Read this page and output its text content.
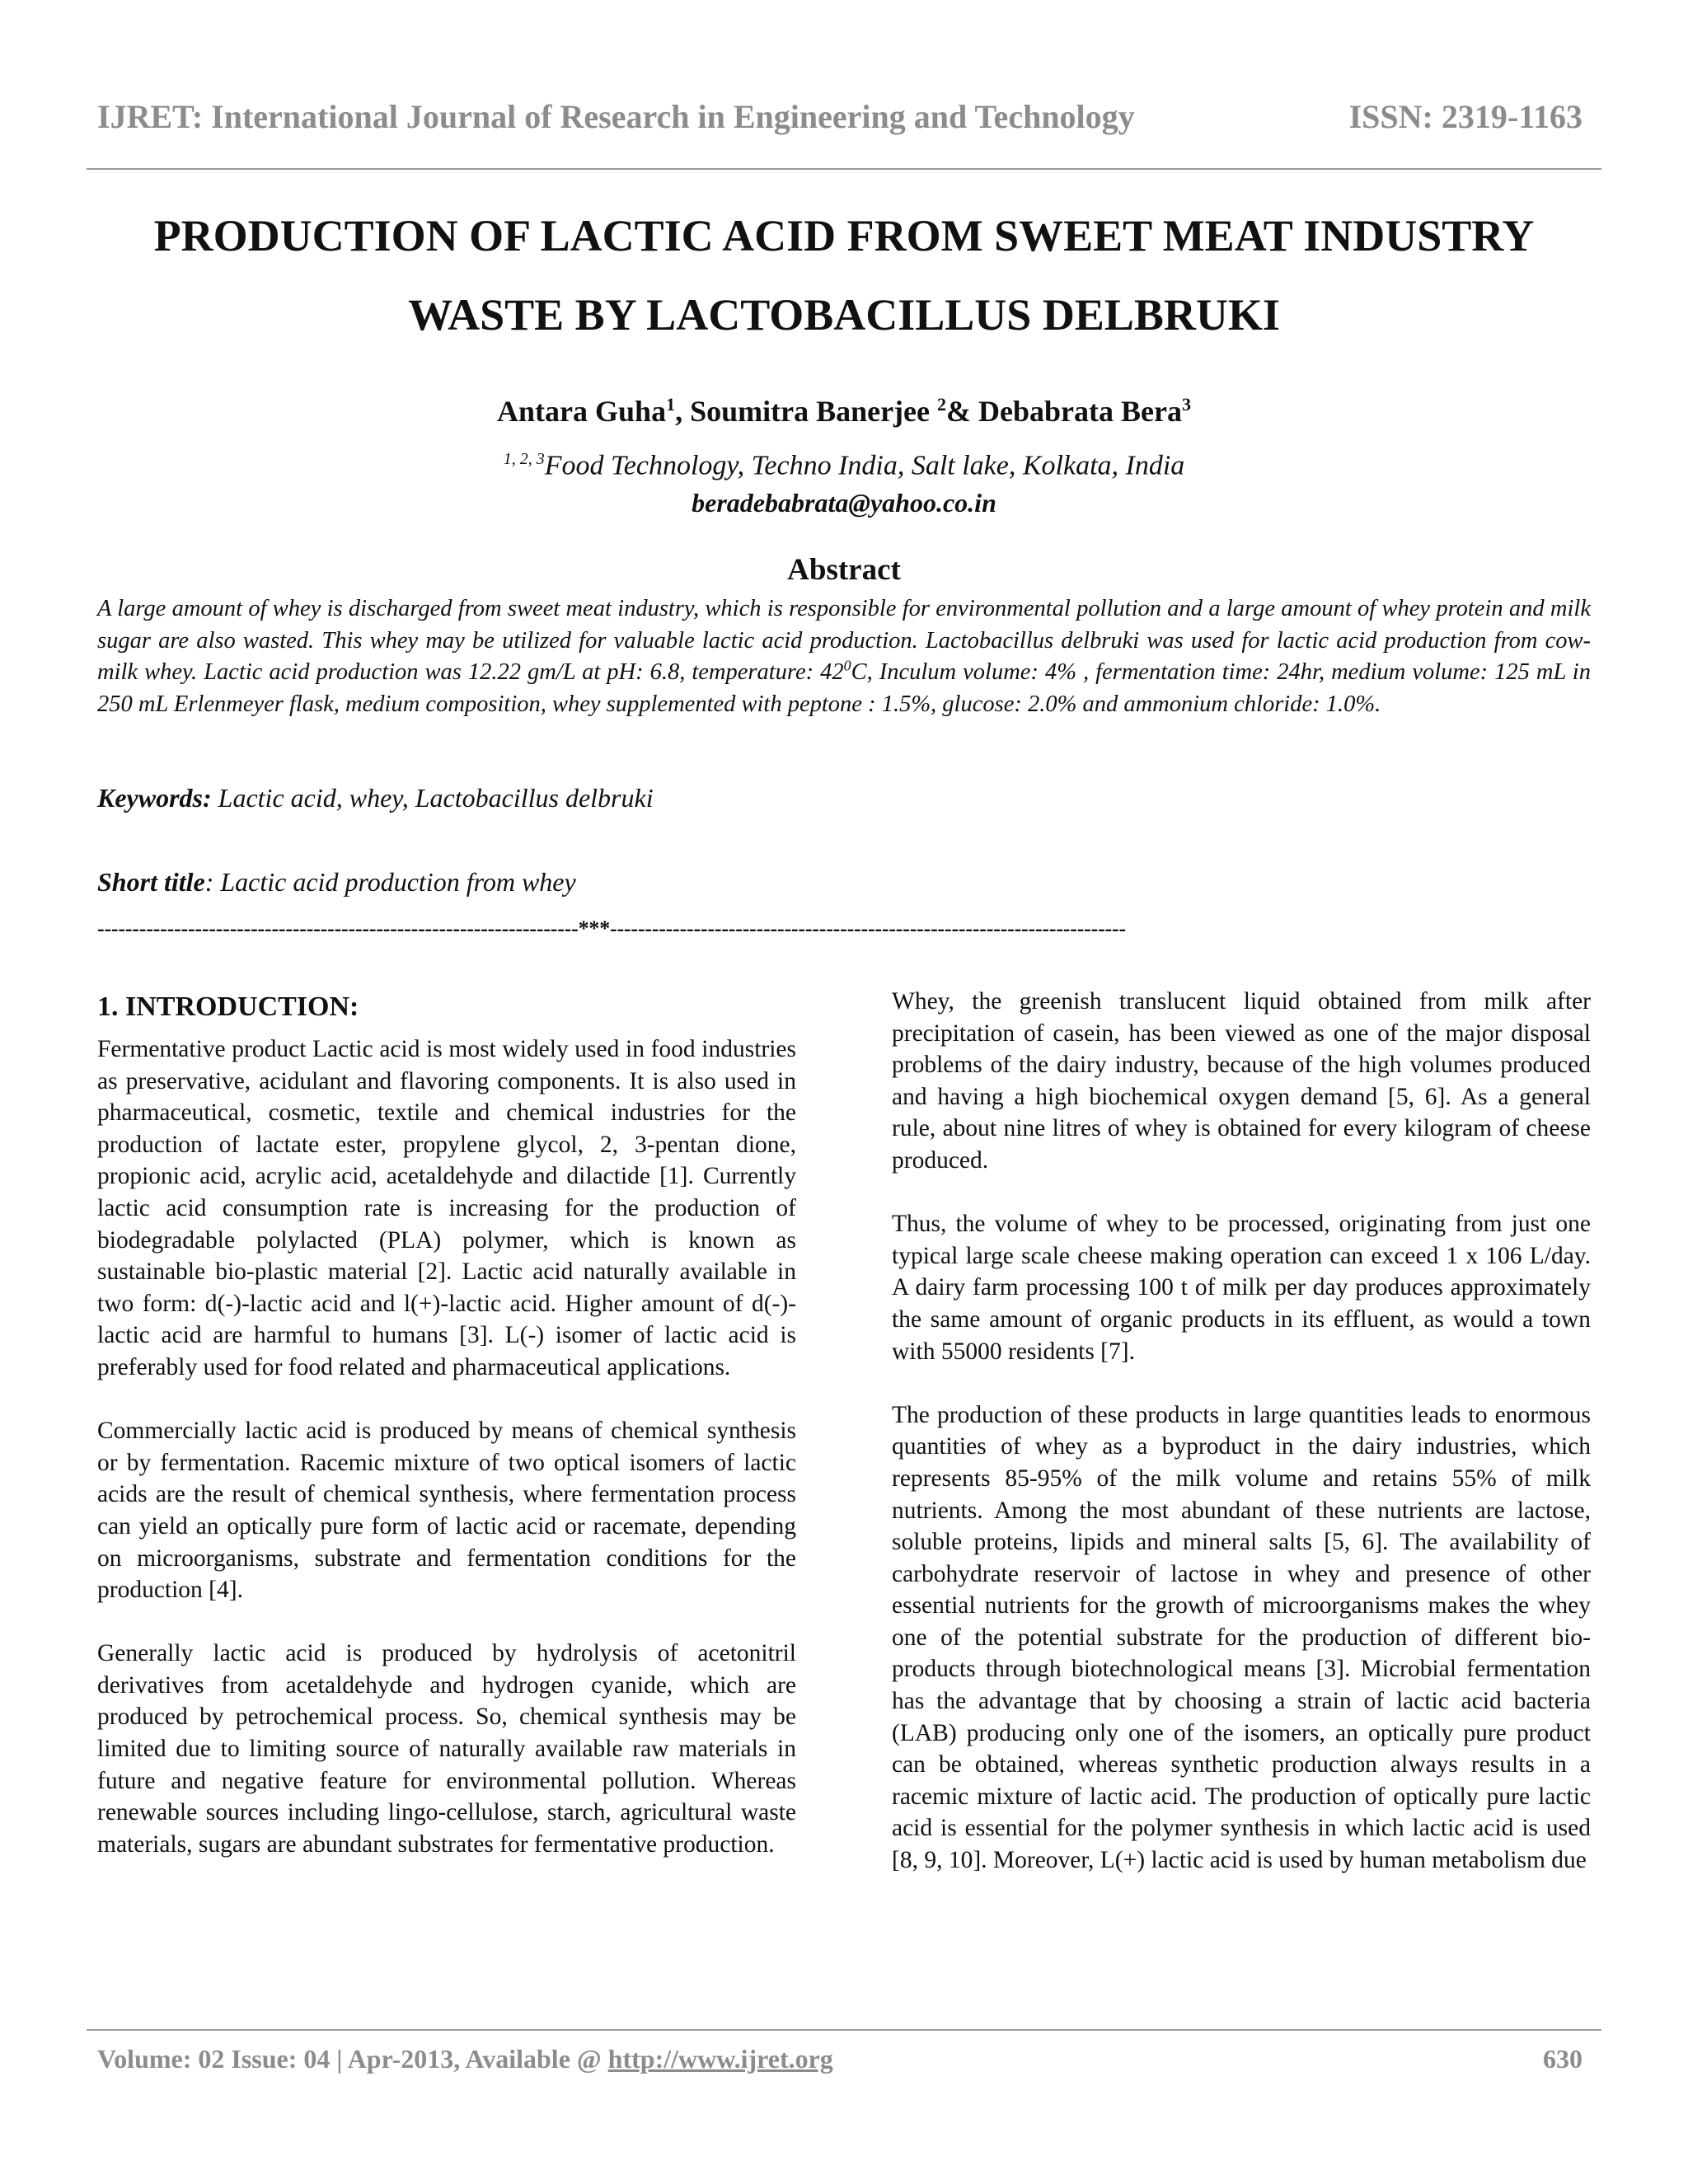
IJRET: International Journal of Research in Engineering and Technology	ISSN: 2319-1163
PRODUCTION OF LACTIC ACID FROM SWEET MEAT INDUSTRY
WASTE BY LACTOBACILLUS DELBRUKI
Antara Guha$^1$, Soumitra Banerjee $^2$& Debabrata Bera$^3$
$^{1, 2, 3}$Food Technology, Techno India, Salt lake, Kolkata, India
beradebabrata@yahoo.co.in
Abstract
A large amount of whey is discharged from sweet meat industry, which is responsible for environmental pollution and a large amount of whey protein and milk sugar are also wasted. This whey may be utilized for valuable lactic acid production. Lactobacillus delbruki was used for lactic acid production from cow-milk whey. Lactic acid production was 12.22 gm/L at pH: 6.8, temperature: $42^0C$, Inculum volume: 4% , fermentation time: 24hr, medium volume: 125 mL in 250 mL Erlenmeyer flask, medium composition, whey supplemented with peptone : 1.5%, glucose: 2.0% and ammonium chloride: 1.0%.
Keywords: Lactic acid, whey, Lactobacillus delbruki
Short title: Lactic acid production from whey
---------------------------------------------------------------------***--------------------------------------------------------------------------
1. INTRODUCTION:

Fermentative product Lactic acid is most widely used in food industries as preservative, acidulant and flavoring components. It is also used in pharmaceutical, cosmetic, textile and chemical industries for the production of lactate ester, propylene glycol, 2, 3-pentan dione, propionic acid, acrylic acid, acetaldehyde and dilactide [1]. Currently lactic acid consumption rate is increasing for the production of biodegradable polylacted (PLA) polymer, which is known as sustainable bio-plastic material [2]. Lactic acid naturally available in two form: d(-)-lactic acid and l(+)-lactic acid. Higher amount of d(-)-lactic acid are harmful to humans [3]. L(-) isomer of lactic acid is preferably used for food related and pharmaceutical applications.

Commercially lactic acid is produced by means of chemical synthesis or by fermentation. Racemic mixture of two optical isomers of lactic acids are the result of chemical synthesis, where fermentation process can yield an optically pure form of lactic acid or racemate, depending on microorganisms, substrate and fermentation conditions for the production [4].

Generally lactic acid is produced by hydrolysis of acetonitril derivatives from acetaldehyde and hydrogen cyanide, which are produced by petrochemical process. So, chemical synthesis may be limited due to limiting source of naturally available raw materials in future and negative feature for environmental pollution. Whereas renewable sources including lingo-cellulose, starch, agricultural waste materials, sugars are abundant substrates for fermentative production.

Whey, the greenish translucent liquid obtained from milk after precipitation of casein, has been viewed as one of the major disposal problems of the dairy industry, because of the high volumes produced and having a high biochemical oxygen demand [5, 6]. As a general rule, about nine litres of whey is obtained for every kilogram of cheese produced.

Thus, the volume of whey to be processed, originating from just one typical large scale cheese making operation can exceed 1 x 106 L/day. A dairy farm processing 100 t of milk per day produces approximately the same amount of organic products in its effluent, as would a town with 55000 residents [7].

The production of these products in large quantities leads to enormous quantities of whey as a byproduct in the dairy industries, which represents 85-95% of the milk volume and retains 55% of milk nutrients. Among the most abundant of these nutrients are lactose, soluble proteins, lipids and mineral salts [5, 6]. The availability of carbohydrate reservoir of lactose in whey and presence of other essential nutrients for the growth of microorganisms makes the whey one of the potential substrate for the production of different bio-products through biotechnological means [3]. Microbial fermentation has the advantage that by choosing a strain of lactic acid bacteria (LAB) producing only one of the isomers, an optically pure product can be obtained, whereas synthetic production always results in a racemic mixture of lactic acid. The production of optically pure lactic acid is essential for the polymer synthesis in which lactic acid is used [8, 9, 10]. Moreover, L(+) lactic acid is used by human metabolism due

Volume: 02 Issue: 04 | Apr-2013, Available @ http://www.ijret.org	630
